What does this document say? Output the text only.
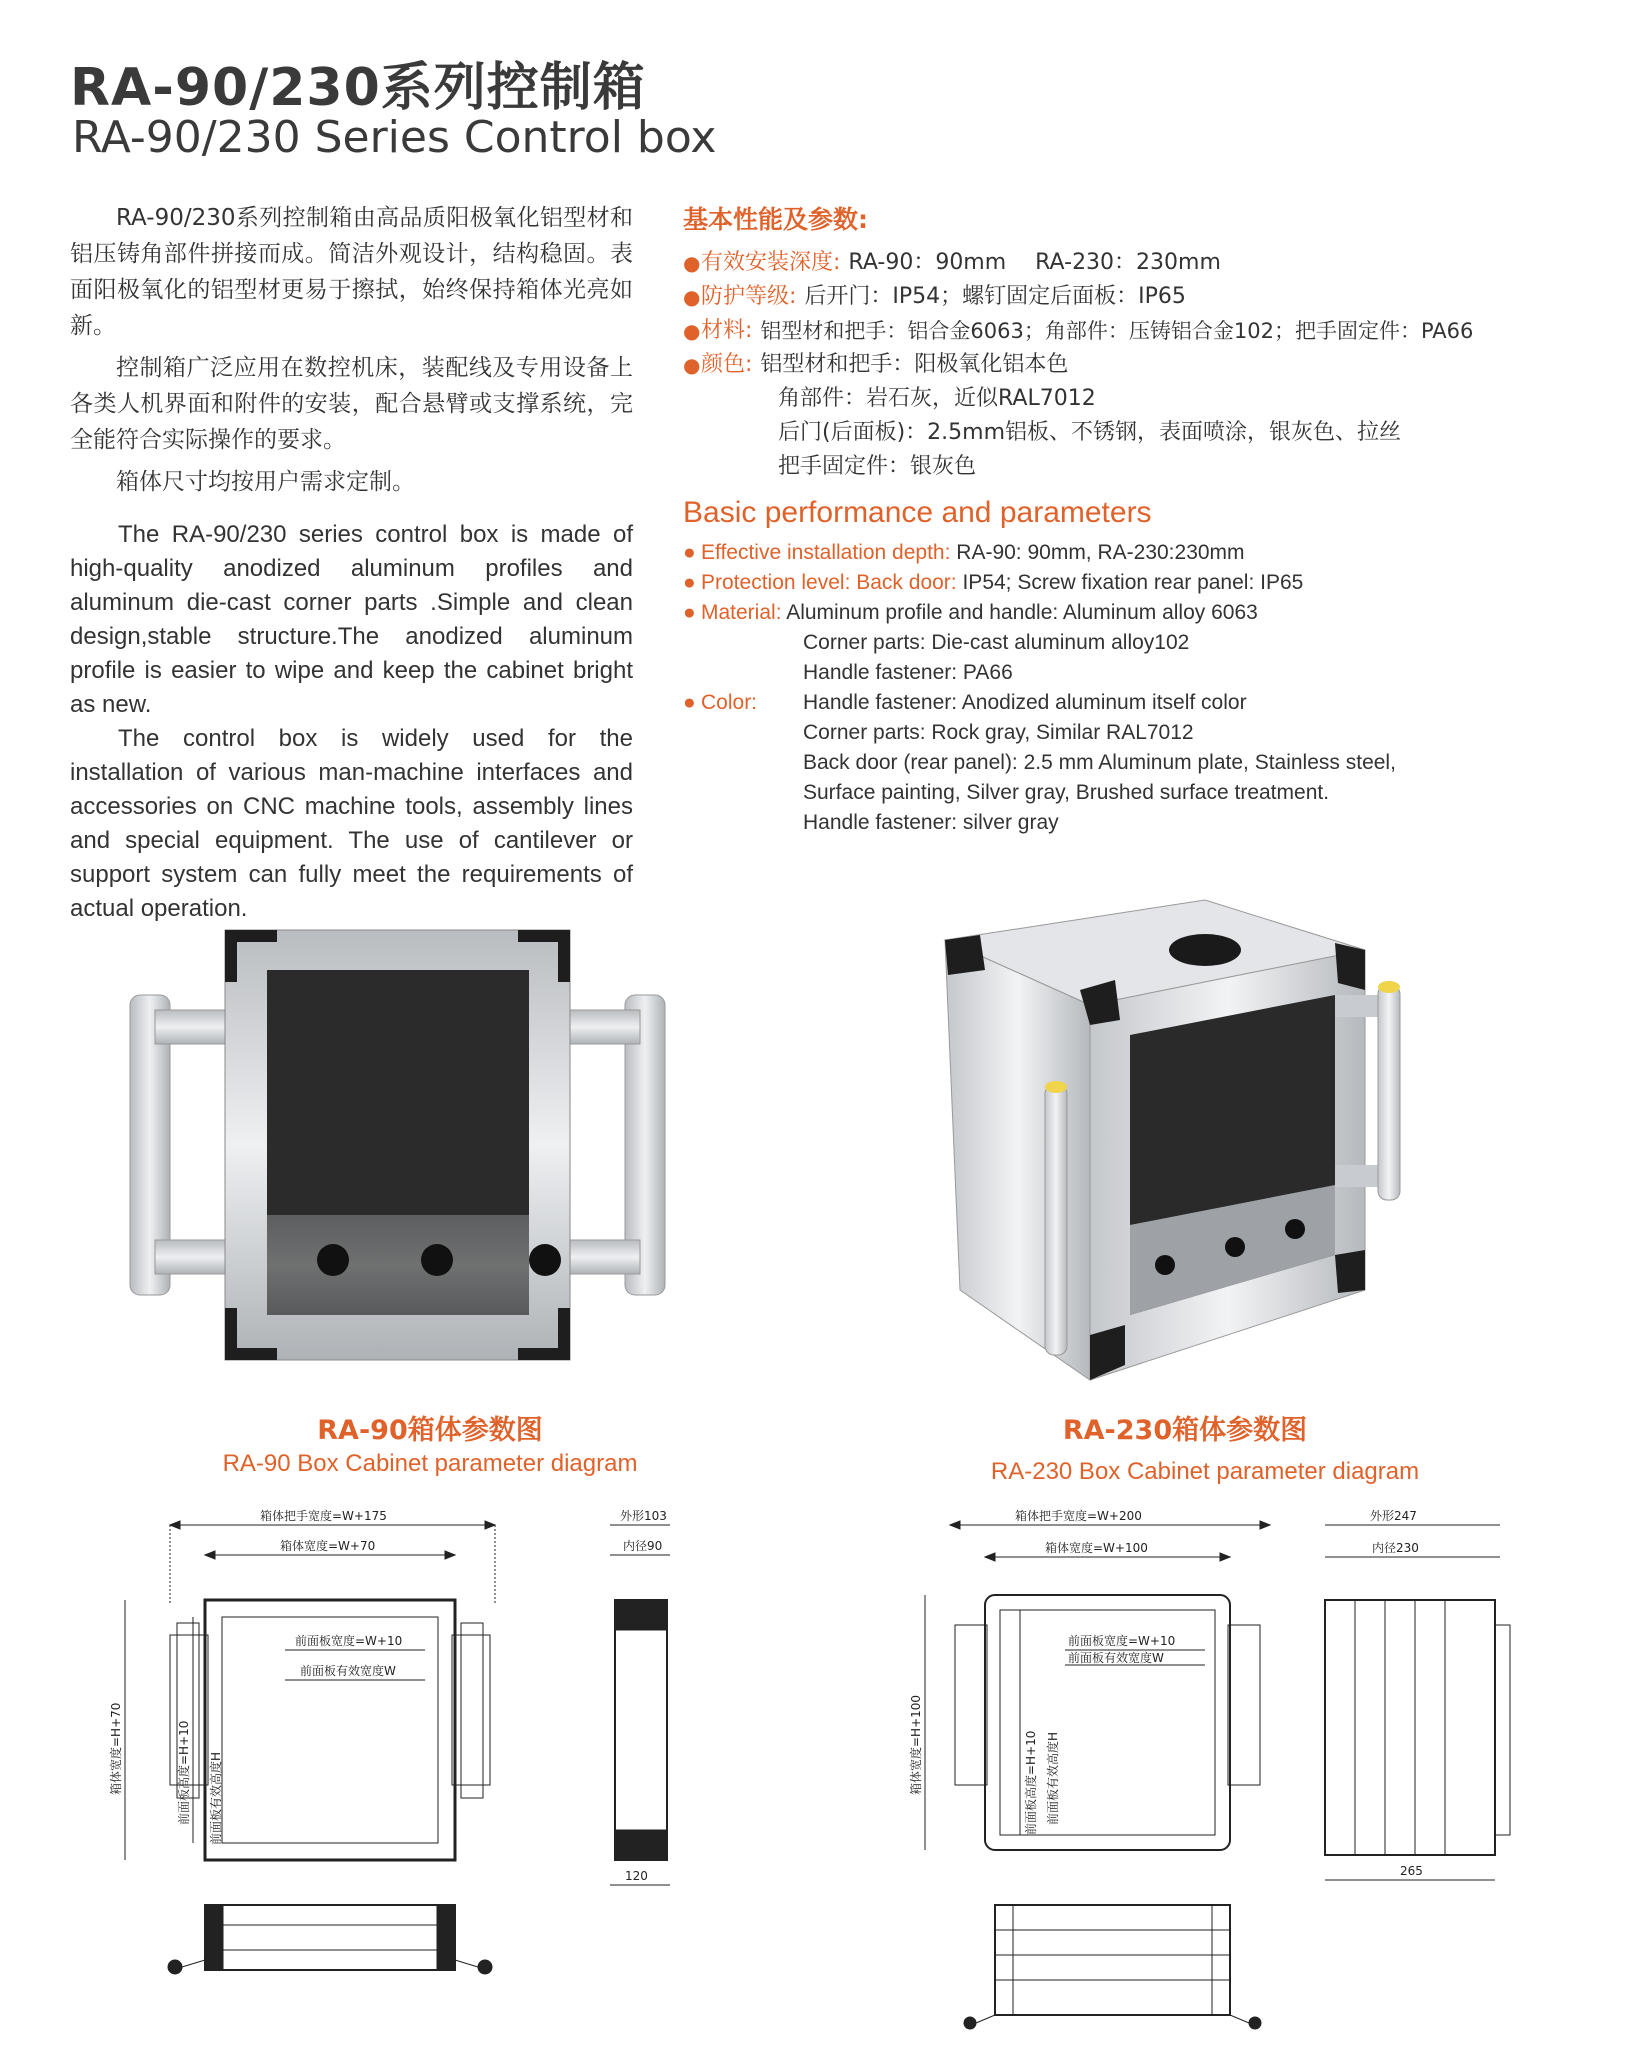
RA-90/230系列控制箱
RA-90/230 Series Control box

RA-90/230系列控制箱由高品质阳极氧化铝型材和铝压铸角部件拼接而成。简洁外观设计，结构稳固。表面阳极氧化的铝型材更易于擦拭，始终保持箱体光亮如新。

控制箱广泛应用在数控机床，装配线及专用设备上各类人机界面和附件的安装，配合悬臂或支撑系统，完全能符合实际操作的要求。

箱体尺寸均按用户需求定制。

The RA-90/230 series control box is made of high-quality anodized aluminum profiles and aluminum die-cast corner parts .Simple and clean design,stable structure.The anodized aluminum profile is easier to wipe and keep the cabinet bright as new.

The control box is widely used for the installation of various man-machine interfaces and accessories on CNC machine tools, assembly lines and special equipment. The use of cantilever or support system can fully meet the requirements of actual operation.

基本性能及参数:
● 有效安装深度: RA-90：90mm　 RA-230：230mm
● 防护等级: 后开门：IP54；螺钉固定后面板：IP65
● 材料: 铝型材和把手：铝合金6063；角部件：压铸铝合金102；把手固定件：PA66
● 颜色: 铝型材和把手：阳极氧化铝本色
角部件：岩石灰，近似RAL7012
后门(后面板)：2.5mm铝板、不锈钢，表面喷涂，银灰色、拉丝
把手固定件：银灰色
Basic performance and parameters
● Effective installation depth: RA-90: 90mm, RA-230:230mm
● Protection level: Back door: IP54; Screw fixation rear panel: IP65
● Material: Aluminum profile and handle: Aluminum alloy 6063
Corner parts: Die-cast aluminum alloy102
Handle fastener: PA66
● Color:	Handle fastener: Anodized aluminum itself color
Corner parts: Rock gray, Similar RAL7012
Back door (rear panel): 2.5 mm Aluminum plate, Stainless steel,
Surface painting, Silver gray, Brushed surface treatment.
Handle fastener: silver gray
RA-90箱体参数图
RA-90 Box Cabinet parameter diagram
RA-230箱体参数图
RA-230 Box Cabinet parameter diagram
箱体把手宽度=W+175
箱体宽度=W+70
前面板宽度=W+10
前面板有效宽度W
箱体宽度=H+70	前面板高度=H+10 前面板有效高度H
外形103
内径90
120
箱体把手宽度=W+200
箱体宽度=W+100
前面板宽度=W+10
前面板有效宽度W
箱体宽度=H+100	前面板高度=H+10 前面板有效高度H
外形247
内径230
265
